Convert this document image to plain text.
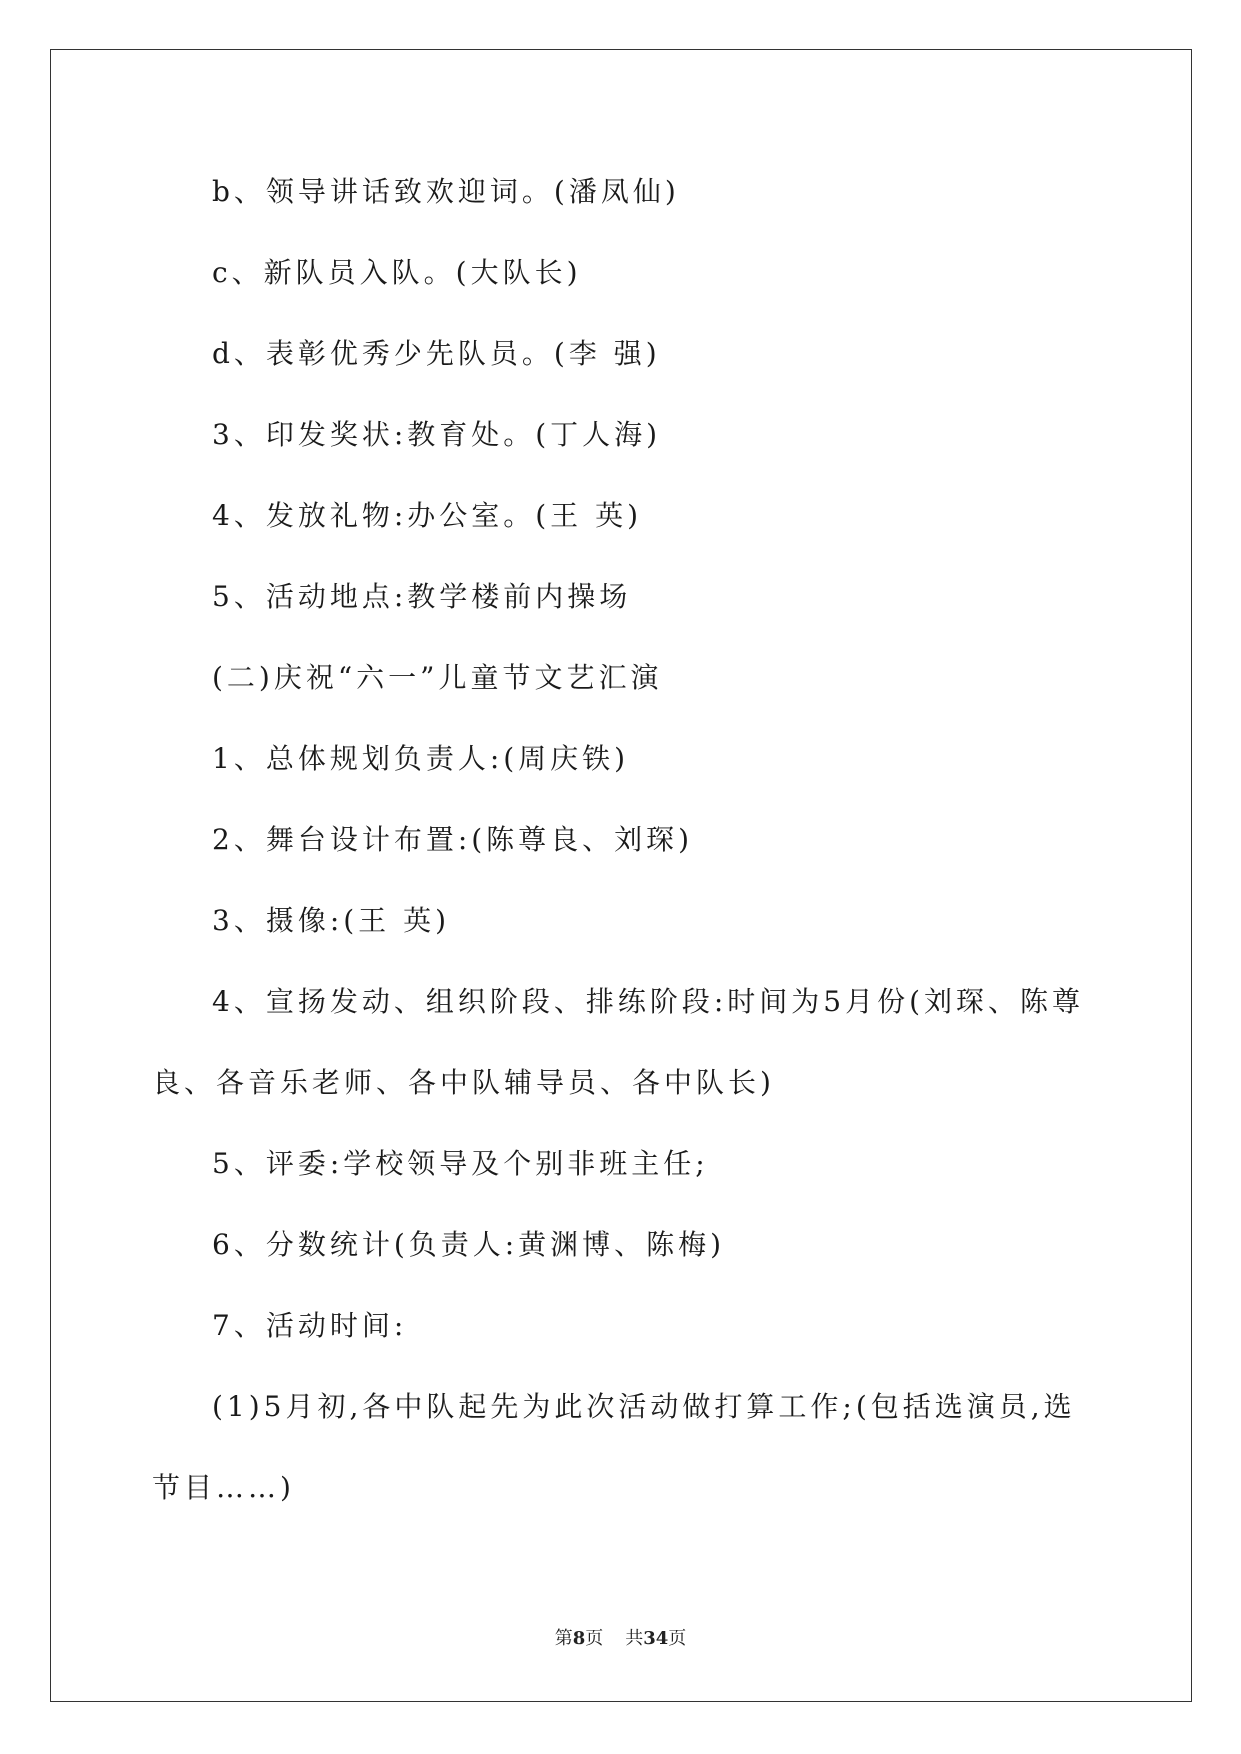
b、领导讲话致欢迎词。(潘凤仙)
c、新队员入队。(大队长)
d、表彰优秀少先队员。(李 强)
3、印发奖状:教育处。(丁人海)
4、发放礼物:办公室。(王 英)
5、活动地点:教学楼前内操场
(二)庆祝“六一”儿童节文艺汇演
1、总体规划负责人:(周庆铁)
2、舞台设计布置:(陈尊良、刘琛)
3、摄像:(王 英)
4、宣扬发动、组织阶段、排练阶段:时间为5月份(刘琛、陈尊
良、各音乐老师、各中队辅导员、各中队长)
5、评委:学校领导及个别非班主任;
6、分数统计(负责人:黄渊博、陈梅)
7、活动时间:
(1)5月初,各中队起先为此次活动做打算工作;(包括选演员,选
节目……)
第8页 共34页
